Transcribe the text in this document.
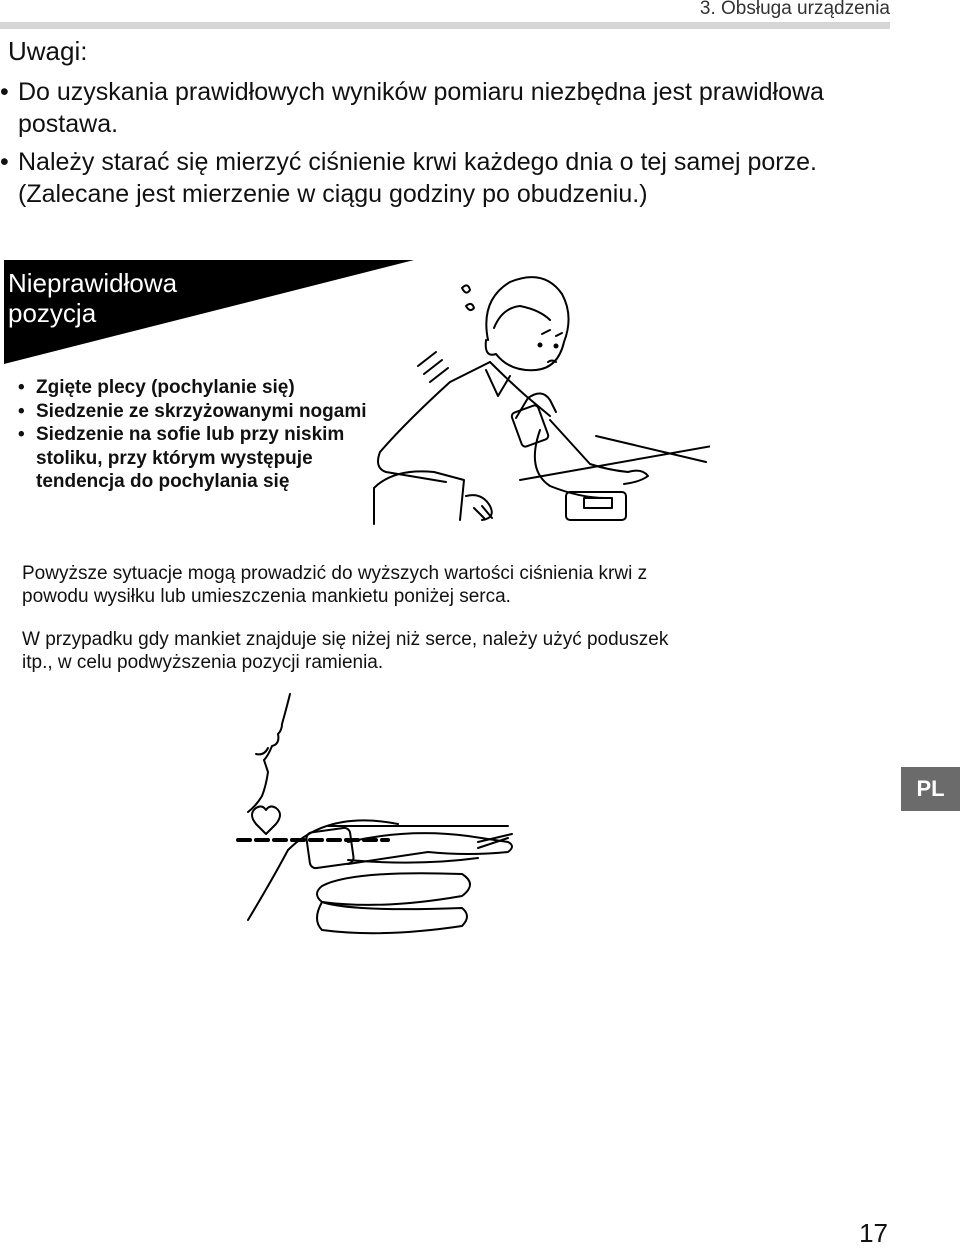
3. Obsługa urządzenia
Uwagi:
• Do uzyskania prawidłowych wyników pomiaru niezbędna jest prawidłowa postawa.
• Należy starać się mierzyć ciśnienie krwi każdego dnia o tej samej porze. (Zalecane jest mierzenie w ciągu godziny po obudzeniu.)
Nieprawidłowa
pozycja
• Zgięte plecy (pochylanie się)
• Siedzenie ze skrzyżowanymi nogami
• Siedzenie na sofie lub przy niskim stoliku, przy którym występuje tendencja do pochylania się

Powyższe sytuacje mogą prowadzić do wyższych wartości ciśnienia krwi z powodu wysiłku lub umieszczenia mankietu poniżej serca.

W przypadku gdy mankiet znajduje się niżej niż serce, należy użyć poduszek itp., w celu podwyższenia pozycji ramienia.

PL
17
